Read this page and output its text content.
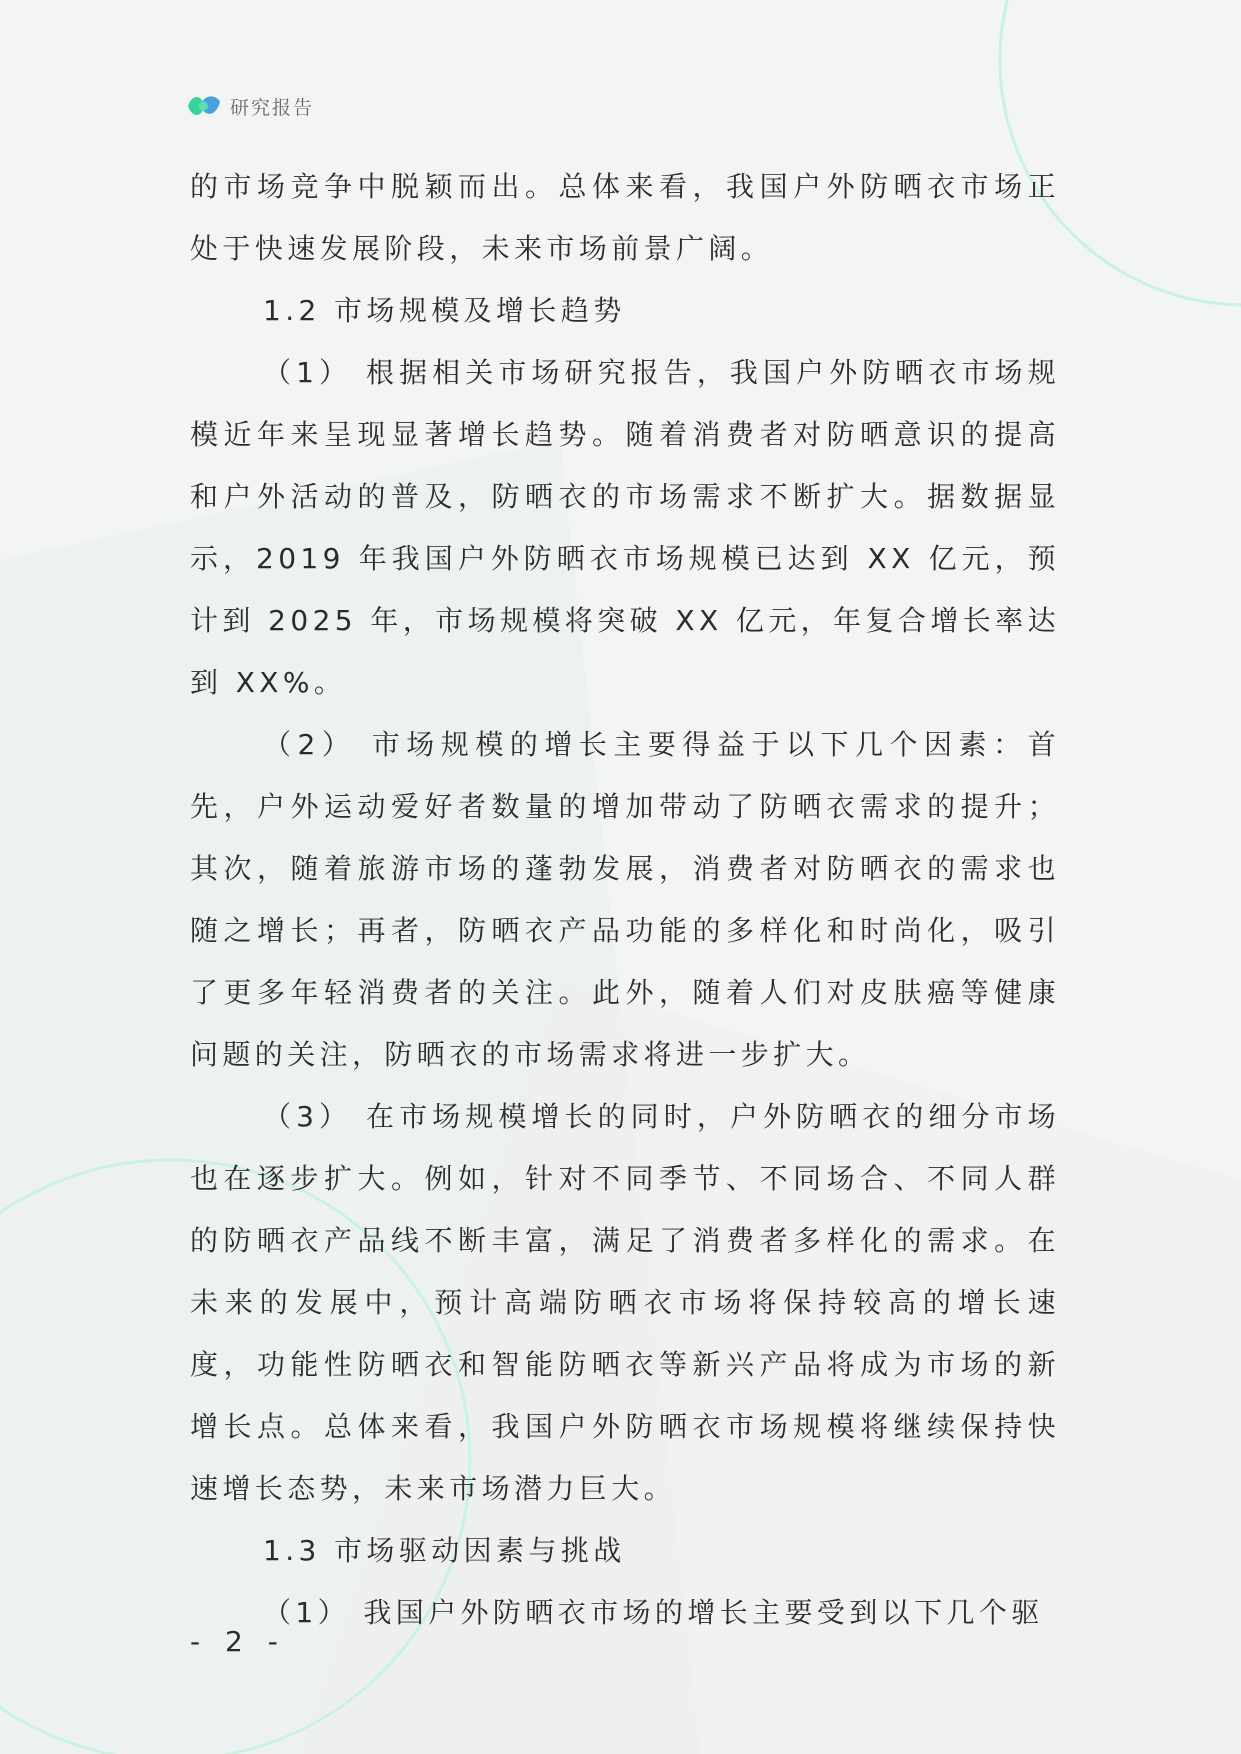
研究报告

的市场竞争中脱颖而出。总体来看，我国户外防晒衣市场正处于快速发展阶段，未来市场前景广阔。

1.2 市场规模及增长趋势

（1） 根据相关市场研究报告，我国户外防晒衣市场规模近年来呈现显著增长趋势。随着消费者对防晒意识的提高和户外活动的普及，防晒衣的市场需求不断扩大。据数据显示，2019 年我国户外防晒衣市场规模已达到 XX 亿元，预计到 2025 年，市场规模将突破 XX 亿元，年复合增长率达到 XX%。

（2） 市场规模的增长主要得益于以下几个因素：首先，户外运动爱好者数量的增加带动了防晒衣需求的提升；其次，随着旅游市场的蓬勃发展，消费者对防晒衣的需求也随之增长；再者，防晒衣产品功能的多样化和时尚化，吸引了更多年轻消费者的关注。此外，随着人们对皮肤癌等健康问题的关注，防晒衣的市场需求将进一步扩大。

（3） 在市场规模增长的同时，户外防晒衣的细分市场也在逐步扩大。例如，针对不同季节、不同场合、不同人群的防晒衣产品线不断丰富，满足了消费者多样化的需求。在未来的发展中，预计高端防晒衣市场将保持较高的增长速度，功能性防晒衣和智能防晒衣等新兴产品将成为市场的新增长点。总体来看，我国户外防晒衣市场规模将继续保持快速增长态势，未来市场潜力巨大。

1.3 市场驱动因素与挑战

（1） 我国户外防晒衣市场的增长主要受到以下几个驱

- 2 -
